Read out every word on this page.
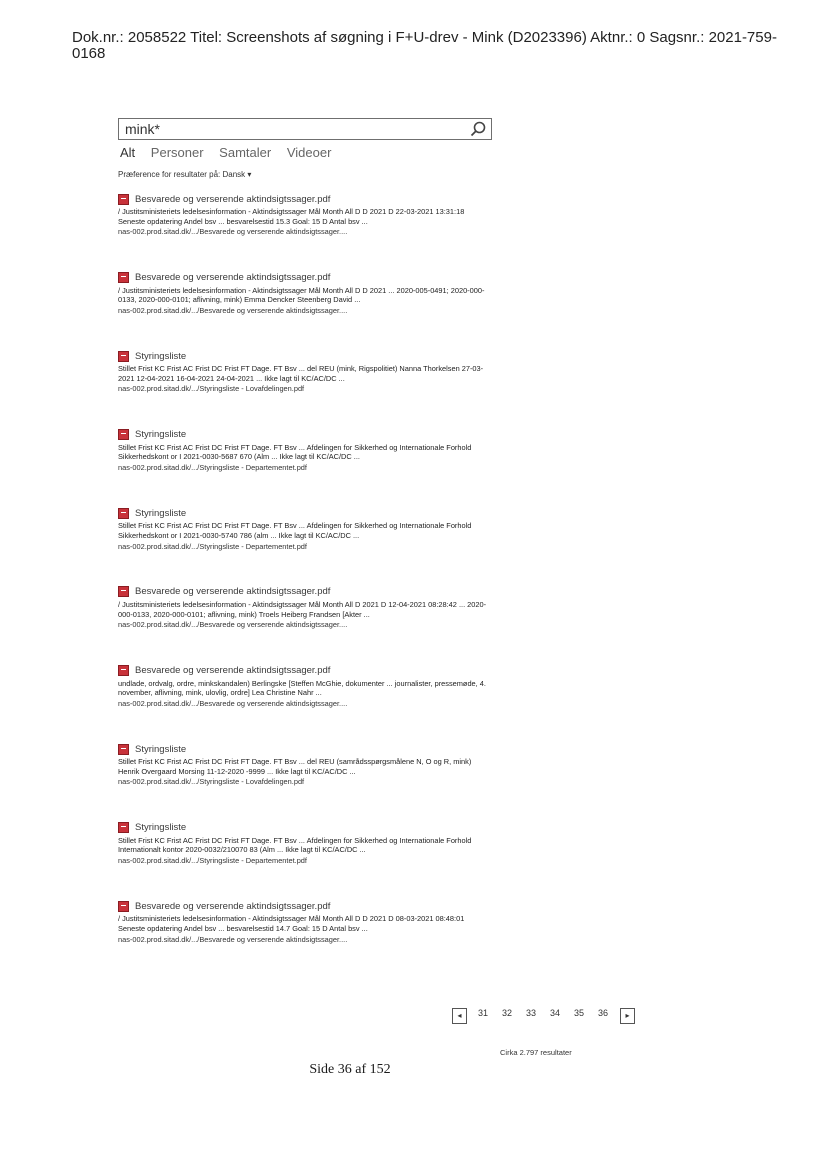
Dok.nr.: 2058522 Titel: Screenshots af søgning i F+U-drev - Mink (D2023396) Aktnr.: 0 Sagsnr.: 2021-759-0168
mink*
Alt Personer Samtaler Videoer
Præference for resultater på: Dansk ▾
Besvarede og verserende aktindsigtssager.pdf
/ Justitsministeriets ledelsesinformation - Aktindsigtssager Mål Month All D D 2021 D 22-03-2021 13:31:18 Seneste opdatering Andel bsv ... besvarelsestid 15.3 Goal: 15 D Antal bsv ...
nas-002.prod.sitad.dk/.../Besvarede og verserende aktindsigtssager....
Besvarede og verserende aktindsigtssager.pdf
/ Justitsministeriets ledelsesinformation - Aktindsigtssager Mål Month All D D 2021 ... 2020-005-0491; 2020-000-0133, 2020-000-0101; aflivning, mink) Emma Dencker Steenberg David ...
nas-002.prod.sitad.dk/.../Besvarede og verserende aktindsigtssager....
Styringsliste
Stillet Frist KC Frist AC Frist DC Frist FT Dage. FT Bsv ... del REU (mink, Rigspolitiet) Nanna Thorkelsen 27-03-2021 12-04-2021 16-04-2021 24-04-2021 ... Ikke lagt til KC/AC/DC ...
nas-002.prod.sitad.dk/.../Styringsliste - Lovafdelingen.pdf
Styringsliste
Stillet Frist KC Frist AC Frist DC Frist FT Dage. FT Bsv ... Afdelingen for Sikkerhed og Internationale Forhold Sikkerhedskont or I 2021-0030-5687 670 (Alm ... Ikke lagt til KC/AC/DC ...
nas-002.prod.sitad.dk/.../Styringsliste - Departementet.pdf
Styringsliste
Stillet Frist KC Frist AC Frist DC Frist FT Dage. FT Bsv ... Afdelingen for Sikkerhed og Internationale Forhold Sikkerhedskont or I 2021-0030-5740 786 (alm ... Ikke lagt til KC/AC/DC ...
nas-002.prod.sitad.dk/.../Styringsliste - Departementet.pdf
Besvarede og verserende aktindsigtssager.pdf
/ Justitsministeriets ledelsesinformation - Aktindsigtssager Mål Month All D 2021 D 12-04-2021 08:28:42 ... 2020-000-0133, 2020-000-0101; aflivning, mink) Troels Heiberg Frandsen [Akter ...
nas-002.prod.sitad.dk/.../Besvarede og verserende aktindsigtssager....
Besvarede og verserende aktindsigtssager.pdf
undlade, ordvalg, ordre, minkskandalen) Berlingske [Steffen McGhie, dokumenter ... journalister, pressemøde, 4. november, aflivning, mink, ulovlig, ordre] Lea Christine Nahr ...
nas-002.prod.sitad.dk/.../Besvarede og verserende aktindsigtssager....
Styringsliste
Stillet Frist KC Frist AC Frist DC Frist FT Dage. FT Bsv ... del REU (samrådsspørgsmålene N, O og R, mink) Henrik Overgaard Morsing 11-12-2020 -9999 ... Ikke lagt til KC/AC/DC ...
nas-002.prod.sitad.dk/.../Styringsliste - Lovafdelingen.pdf
Styringsliste
Stillet Frist KC Frist AC Frist DC Frist FT Dage. FT Bsv ... Afdelingen for Sikkerhed og Internationale Forhold Internationalt kontor 2020-0032/210070 83 (Alm ... Ikke lagt til KC/AC/DC ...
nas-002.prod.sitad.dk/.../Styringsliste - Departementet.pdf
Besvarede og verserende aktindsigtssager.pdf
/ Justitsministeriets ledelsesinformation - Aktindsigtssager Mål Month All D D 2021 D 08-03-2021 08:48:01 Seneste opdatering Andel bsv ... besvarelsestid 14.7 Goal: 15 D Antal bsv ...
nas-002.prod.sitad.dk/.../Besvarede og verserende aktindsigtssager....
◂	31 32 33 34 35 36	▸
Cirka 2.797 resultater
Side 36 af 152
